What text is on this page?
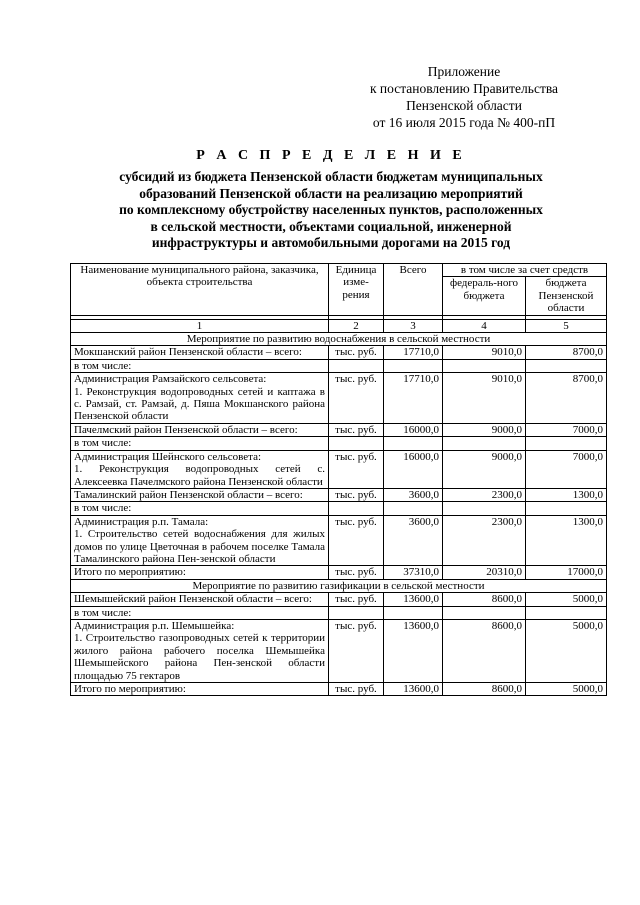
Приложение
к постановлению Правительства
Пензенской области
от 16 июля 2015 года № 400-пП
Р А С П Р Е Д Е Л Е Н И Е
субсидий из бюджета Пензенской области бюджетам муниципальных
образований Пензенской области на реализацию мероприятий
по комплексному обустройству населенных пунктов, расположенных
в сельской местности, объектами социальной, инженерной
инфраструктуры и автомобильными дорогами на 2015 год
Наименование муниципального района, заказчика, объекта строительства	Единица изме-рения	Всего	в том числе за счет средств	
			федераль-ного бюджета	бюджета Пензенской области

1	2	3	4	5
Мероприятие по развитию водоснабжения в сельской местности				

Мокшанский район Пензенской области – всего:	тыс. руб.	17710,0	9010,0	8700,0
в том числе:				

Администрация Рамзайского сельсовета:
1. Реконструкция водопроводных сетей и каптажа в с. Рамзай, ст. Рамзай, д. Пяша Мокшанского района Пензенской области	тыс. руб.	17710,0	9010,0	8700,0

Пачелмский район Пензенской области – всего:	тыс. руб.	16000,0	9000,0	7000,0
в том числе:				

Администрация Шейнского сельсовета:
1. Реконструкция водопроводных сетей с. Алексеевка Пачелмского района Пензенской области	тыс. руб.	16000,0	9000,0	7000,0

Тамалинский район Пензенской области – всего:	тыс. руб.	3600,0	2300,0	1300,0
в том числе:				

Администрация р.п. Тамала:
1. Строительство сетей водоснабжения для жилых домов по улице Цветочная в рабочем поселке Тамала Тамалинского района Пен-зенской области	тыс. руб.	3600,0	2300,0	1300,0

Итого по мероприятию:	тыс. руб.	37310,0	20310,0	17000,0
Мероприятие по развитию газификации в сельской местности				

Шемышейский район Пензенской области – всего:	тыс. руб.	13600,0	8600,0	5000,0
в том числе:				

Администрация р.п. Шемышейка:
1. Строительство газопроводных сетей к территории жилого района рабочего поселка Шемышейка Шемышейского района Пен-зенской области площадью 75 гектаров	тыс. руб.	13600,0	8600,0	5000,0

Итого по мероприятию:	тыс. руб.	13600,0	8600,0	5000,0
